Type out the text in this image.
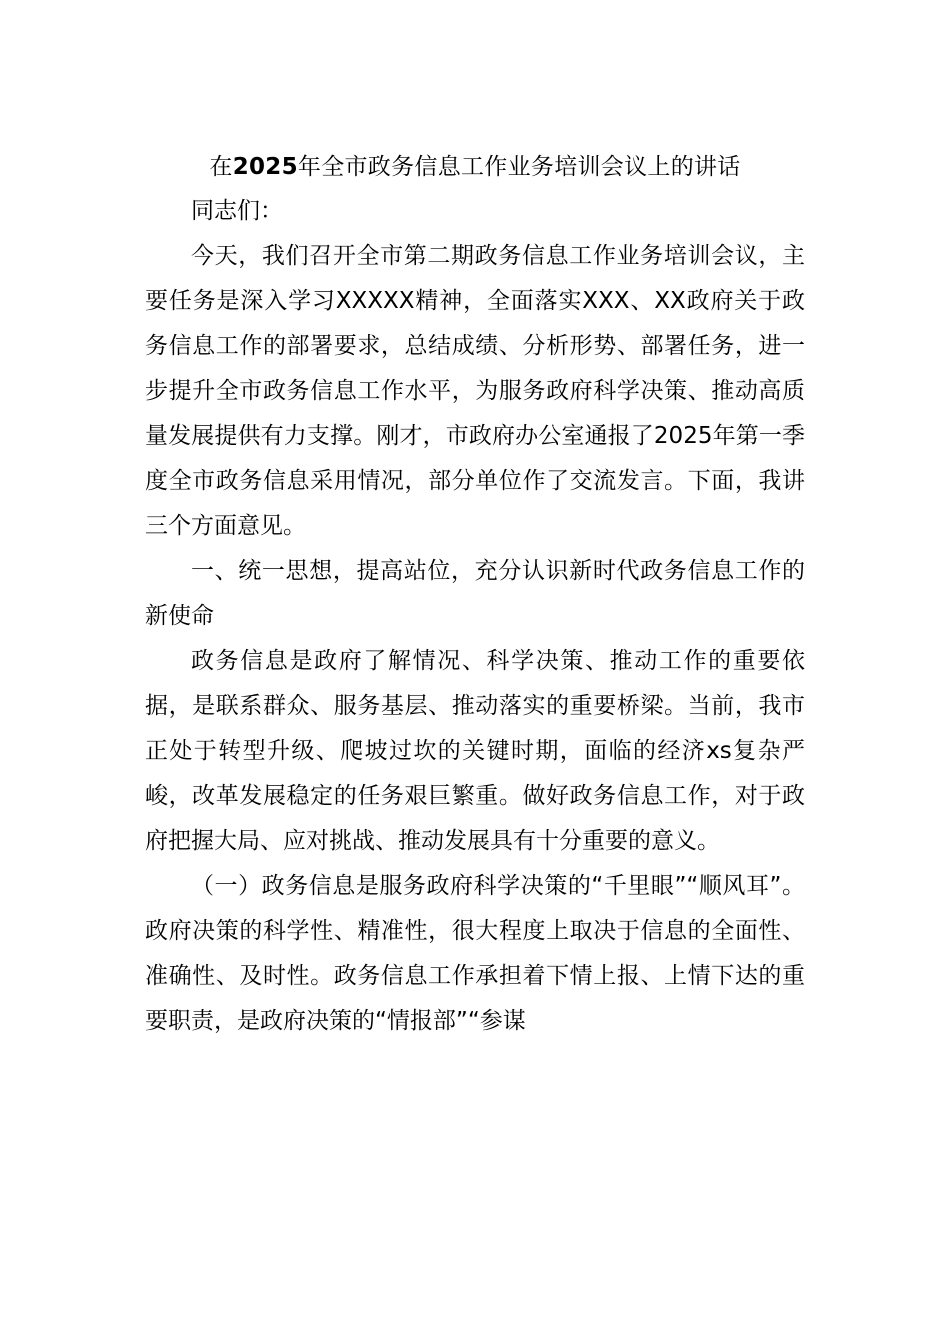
在2025年全市政务信息工作业务培训会议上的讲话

同志们：

今天，我们召开全市第二期政务信息工作业务培训会议，主要任务是深入学习XXXXX精神，全面落实XXX、XX政府关于政务信息工作的部署要求，总结成绩、分析形势、部署任务，进一步提升全市政务信息工作水平，为服务政府科学决策、推动高质量发展提供有力支撑。刚才，市政府办公室通报了2025年第一季度全市政务信息采用情况，部分单位作了交流发言。下面，我讲三个方面意见。

一、统一思想，提高站位，充分认识新时代政务信息工作的新使命

政务信息是政府了解情况、科学决策、推动工作的重要依据，是联系群众、服务基层、推动落实的重要桥梁。当前，我市正处于转型升级、爬坡过坎的关键时期，面临的经济xs复杂严峻，改革发展稳定的任务艰巨繁重。做好政务信息工作，对于政府把握大局、应对挑战、推动发展具有十分重要的意义。

（一）政务信息是服务政府科学决策的“千里眼”“顺风耳”。政府决策的科学性、精准性，很大程度上取决于信息的全面性、准确性、及时性。政务信息工作承担着下情上报、上情下达的重要职责，是政府决策的“情报部”“参谋
